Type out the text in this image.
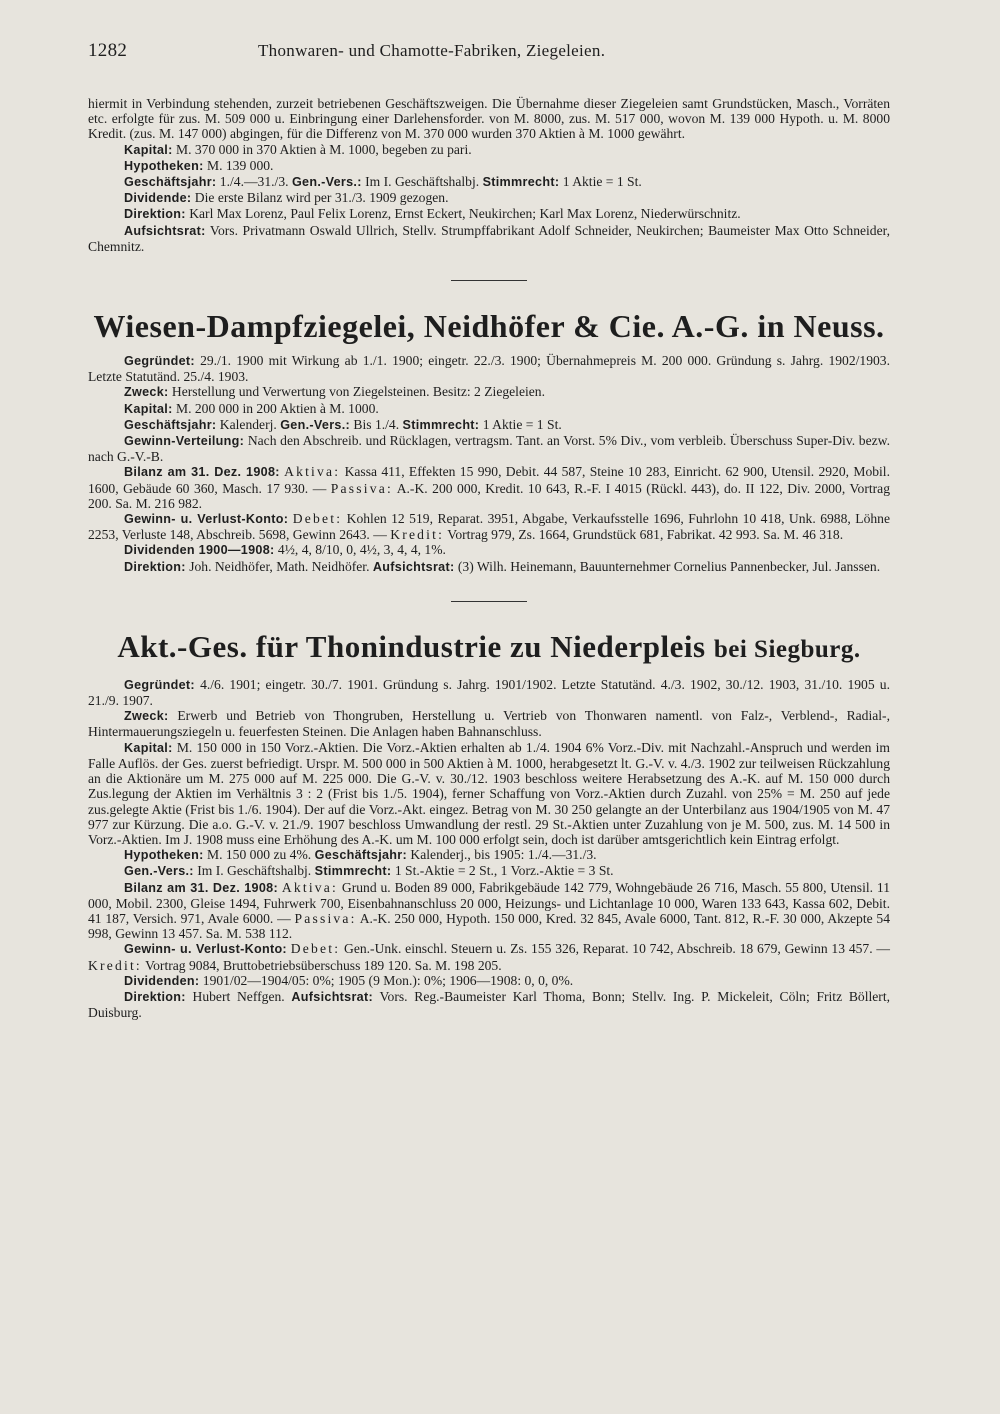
1282	Thonwaren- und Chamotte-Fabriken, Ziegeleien.

hiermit in Verbindung stehenden, zurzeit betriebenen Geschäftszweigen. Die Übernahme dieser Ziegeleien samt Grundstücken, Masch., Vorräten etc. erfolgte für zus. M. 509 000 u. Einbringung einer Darlehensforder. von M. 8000, zus. M. 517 000, wovon M. 139 000 Hypoth. u. M. 8000 Kredit. (zus. M. 147 000) abgingen, für die Differenz von M. 370 000 wurden 370 Aktien à M. 1000 gewährt.

Kapital: M. 370 000 in 370 Aktien à M. 1000, begeben zu pari.

Hypotheken: M. 139 000.

Geschäftsjahr: 1./4.—31./3. Gen.-Vers.: Im I. Geschäftshalbj. Stimmrecht: 1 Aktie = 1 St.

Dividende: Die erste Bilanz wird per 31./3. 1909 gezogen.

Direktion: Karl Max Lorenz, Paul Felix Lorenz, Ernst Eckert, Neukirchen; Karl Max Lorenz, Niederwürschnitz.

Aufsichtsrat: Vors. Privatmann Oswald Ullrich, Stellv. Strumpffabrikant Adolf Schneider, Neukirchen; Baumeister Max Otto Schneider, Chemnitz.

Wiesen-Dampfziegelei, Neidhöfer & Cie. A.-G. in Neuss.

Gegründet: 29./1. 1900 mit Wirkung ab 1./1. 1900; eingetr. 22./3. 1900; Übernahmepreis M. 200 000. Gründung s. Jahrg. 1902/1903. Letzte Statutänd. 25./4. 1903.

Zweck: Herstellung und Verwertung von Ziegelsteinen. Besitz: 2 Ziegeleien.

Kapital: M. 200 000 in 200 Aktien à M. 1000.

Geschäftsjahr: Kalenderj. Gen.-Vers.: Bis 1./4. Stimmrecht: 1 Aktie = 1 St.

Gewinn-Verteilung: Nach den Abschreib. und Rücklagen, vertragsm. Tant. an Vorst. 5% Div., vom verbleib. Überschuss Super-Div. bezw. nach G.-V.-B.

Bilanz am 31. Dez. 1908: Aktiva: Kassa 411, Effekten 15 990, Debit. 44 587, Steine 10 283, Einricht. 62 900, Utensil. 2920, Mobil. 1600, Gebäude 60 360, Masch. 17 930. — Passiva: A.-K. 200 000, Kredit. 10 643, R.-F. I 4015 (Rückl. 443), do. II 122, Div. 2000, Vortrag 200. Sa. M. 216 982.

Gewinn- u. Verlust-Konto: Debet: Kohlen 12 519, Reparat. 3951, Abgabe, Verkaufsstelle 1696, Fuhrlohn 10 418, Unk. 6988, Löhne 2253, Verluste 148, Abschreib. 5698, Gewinn 2643. — Kredit: Vortrag 979, Zs. 1664, Grundstück 681, Fabrikat. 42 993. Sa. M. 46 318.

Dividenden 1900—1908: 4½, 4, 8/10, 0, 4½, 3, 4, 4, 1%.

Direktion: Joh. Neidhöfer, Math. Neidhöfer. Aufsichtsrat: (3) Wilh. Heinemann, Bauunternehmer Cornelius Pannenbecker, Jul. Janssen.

Akt.-Ges. für Thonindustrie zu Niederpleis bei Siegburg.

Gegründet: 4./6. 1901; eingetr. 30./7. 1901. Gründung s. Jahrg. 1901/1902. Letzte Statutänd. 4./3. 1902, 30./12. 1903, 31./10. 1905 u. 21./9. 1907.

Zweck: Erwerb und Betrieb von Thongruben, Herstellung u. Vertrieb von Thonwaren namentl. von Falz-, Verblend-, Radial-, Hintermauerungsziegeln u. feuerfesten Steinen. Die Anlagen haben Bahnanschluss.

Kapital: M. 150 000 in 150 Vorz.-Aktien. Die Vorz.-Aktien erhalten ab 1./4. 1904 6% Vorz.-Div. mit Nachzahl.-Anspruch und werden im Falle Auflös. der Ges. zuerst befriedigt. Urspr. M. 500 000 in 500 Aktien à M. 1000, herabgesetzt lt. G.-V. v. 4./3. 1902 zur teilweisen Rückzahlung an die Aktionäre um M. 275 000 auf M. 225 000. Die G.-V. v. 30./12. 1903 beschloss weitere Herabsetzung des A.-K. auf M. 150 000 durch Zus.legung der Aktien im Verhältnis 3 : 2 (Frist bis 1./5. 1904), ferner Schaffung von Vorz.-Aktien durch Zuzahl. von 25% = M. 250 auf jede zus.gelegte Aktie (Frist bis 1./6. 1904). Der auf die Vorz.-Akt. eingez. Betrag von M. 30 250 gelangte an der Unterbilanz aus 1904/1905 von M. 47 977 zur Kürzung. Die a.o. G.-V. v. 21./9. 1907 beschloss Umwandlung der restl. 29 St.-Aktien unter Zuzahlung von je M. 500, zus. M. 14 500 in Vorz.-Aktien. Im J. 1908 muss eine Erhöhung des A.-K. um M. 100 000 erfolgt sein, doch ist darüber amtsgerichtlich kein Eintrag erfolgt.

Hypotheken: M. 150 000 zu 4%. Geschäftsjahr: Kalenderj., bis 1905: 1./4.—31./3.

Gen.-Vers.: Im I. Geschäftshalbj. Stimmrecht: 1 St.-Aktie = 2 St., 1 Vorz.-Aktie = 3 St.

Bilanz am 31. Dez. 1908: Aktiva: Grund u. Boden 89 000, Fabrikgebäude 142 779, Wohngebäude 26 716, Masch. 55 800, Utensil. 11 000, Mobil. 2300, Gleise 1494, Fuhrwerk 700, Eisenbahnanschluss 20 000, Heizungs- und Lichtanlage 10 000, Waren 133 643, Kassa 602, Debit. 41 187, Versich. 971, Avale 6000. — Passiva: A.-K. 250 000, Hypoth. 150 000, Kred. 32 845, Avale 6000, Tant. 812, R.-F. 30 000, Akzepte 54 998, Gewinn 13 457. Sa. M. 538 112.

Gewinn- u. Verlust-Konto: Debet: Gen.-Unk. einschl. Steuern u. Zs. 155 326, Reparat. 10 742, Abschreib. 18 679, Gewinn 13 457. — Kredit: Vortrag 9084, Bruttobetriebsüberschuss 189 120. Sa. M. 198 205.

Dividenden: 1901/02—1904/05: 0%; 1905 (9 Mon.): 0%; 1906—1908: 0, 0, 0%.

Direktion: Hubert Neffgen. Aufsichtsrat: Vors. Reg.-Baumeister Karl Thoma, Bonn; Stellv. Ing. P. Mickeleit, Cöln; Fritz Böllert, Duisburg.
